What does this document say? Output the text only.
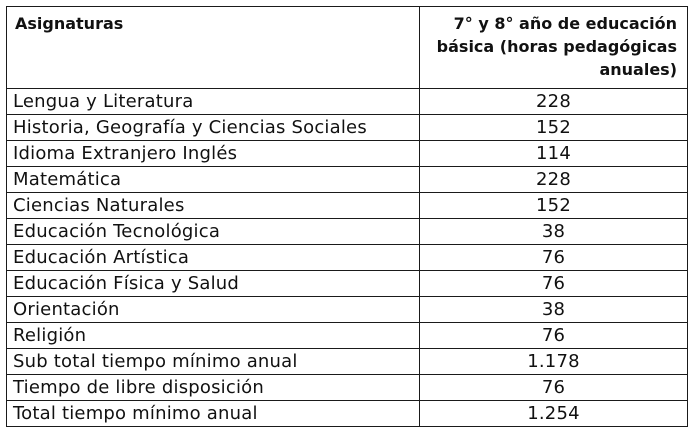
Asignaturas	7° y 8° año de educación básica (horas pedagógicas anuales)
Lengua y Literatura	228
Historia, Geografía y Ciencias Sociales	152
Idioma Extranjero Inglés	114
Matemática	228
Ciencias Naturales	152
Educación Tecnológica	38
Educación Artística	76
Educación Física y Salud	76
Orientación	38
Religión	76
Sub total tiempo mínimo anual	1.178
Tiempo de libre disposición	76
Total tiempo mínimo anual	1.254
